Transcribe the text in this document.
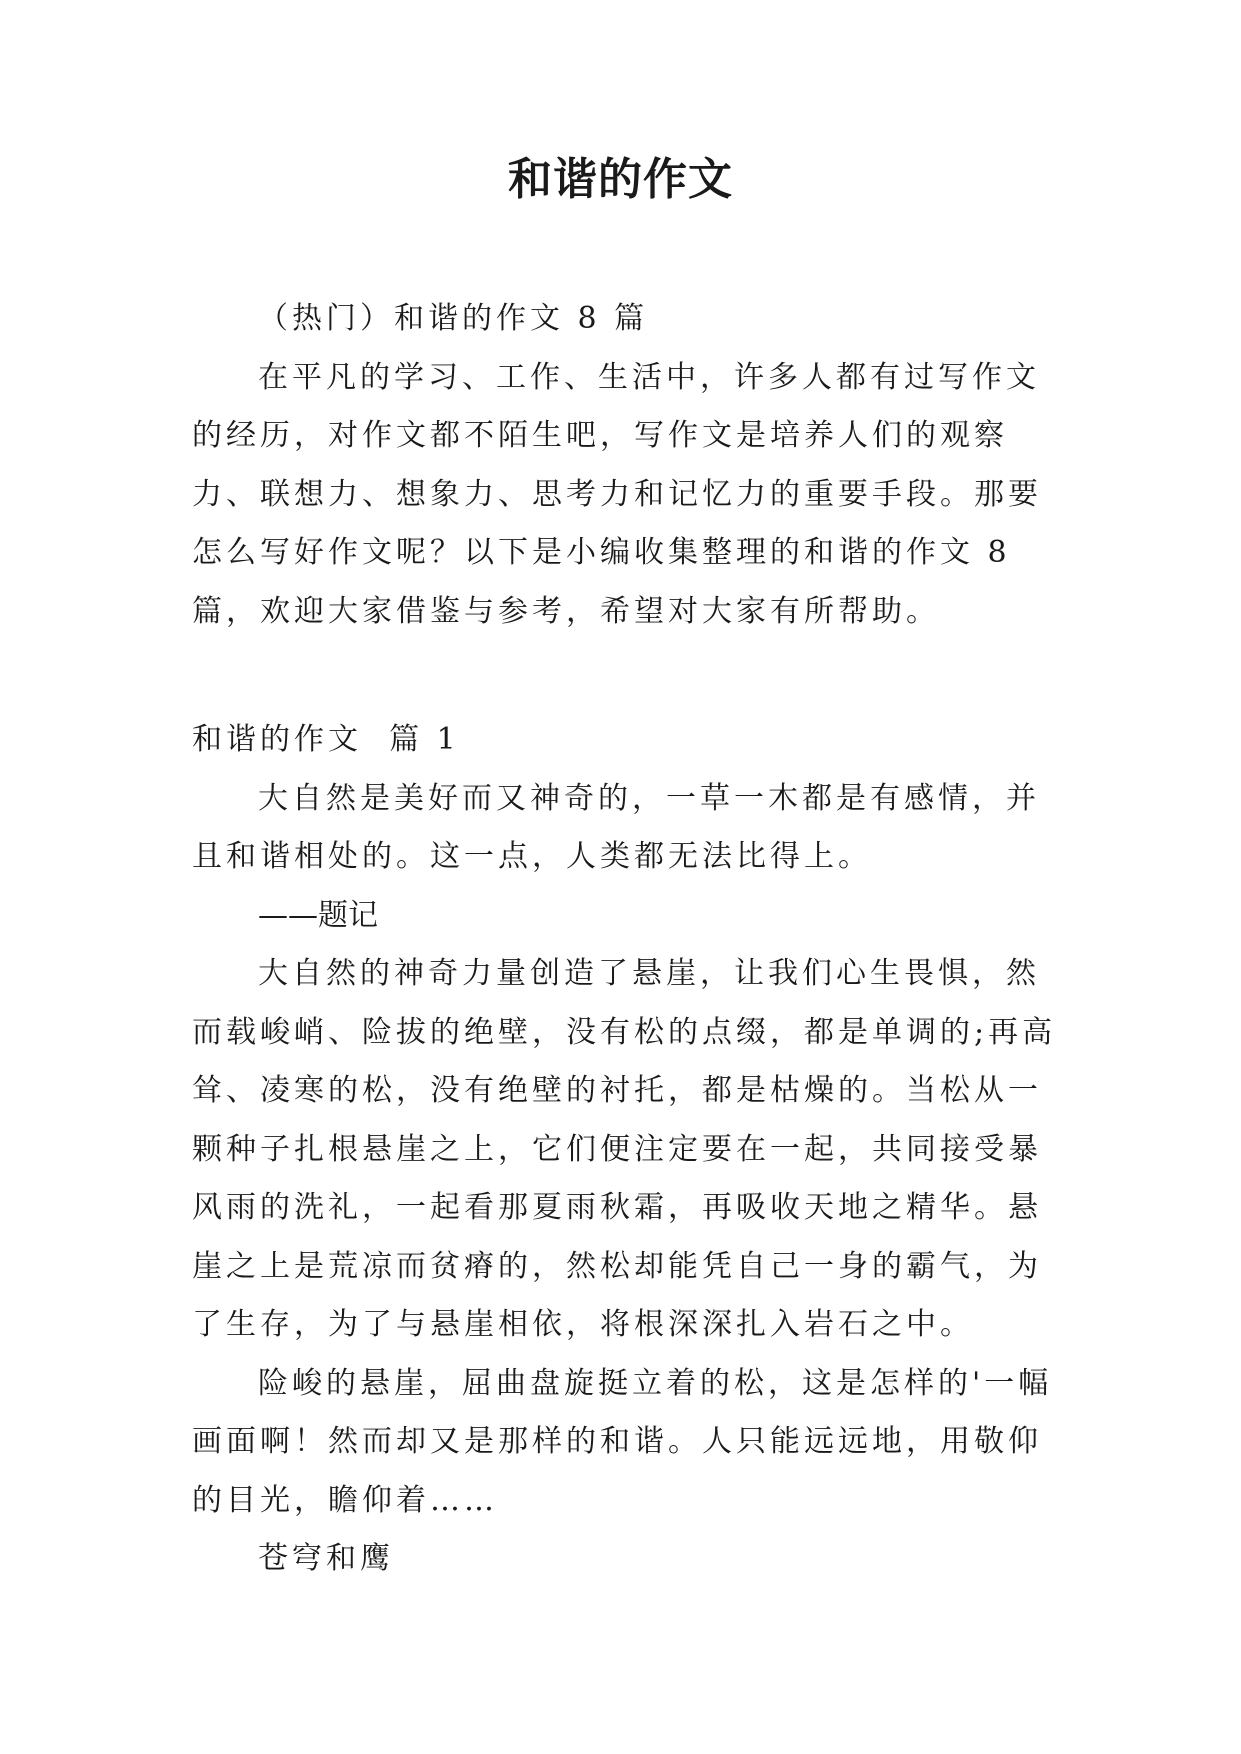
和谐的作文

（热门）和谐的作文 8 篇

在平凡的学习、工作、生活中，许多人都有过写作文的经历，对作文都不陌生吧，写作文是培养人们的观察力、联想力、想象力、思考力和记忆力的重要手段。那要怎么写好作文呢？以下是小编收集整理的和谐的作文 8 篇，欢迎大家借鉴与参考，希望对大家有所帮助。

和谐的作文  篇 1

大自然是美好而又神奇的，一草一木都是有感情，并且和谐相处的。这一点，人类都无法比得上。

——题记

大自然的神奇力量创造了悬崖，让我们心生畏惧，然而载峻峭、险拔的绝壁，没有松的点缀，都是单调的;再高耸、凌寒的松，没有绝壁的衬托，都是枯燥的。当松从一颗种子扎根悬崖之上，它们便注定要在一起，共同接受暴风雨的洗礼，一起看那夏雨秋霜，再吸收天地之精华。悬崖之上是荒凉而贫瘠的，然松却能凭自己一身的霸气，为了生存，为了与悬崖相依，将根深深扎入岩石之中。

险峻的悬崖，屈曲盘旋挺立着的松，这是怎样的'一幅画面啊！然而却又是那样的和谐。人只能远远地，用敬仰的目光，瞻仰着……

苍穹和鹰
